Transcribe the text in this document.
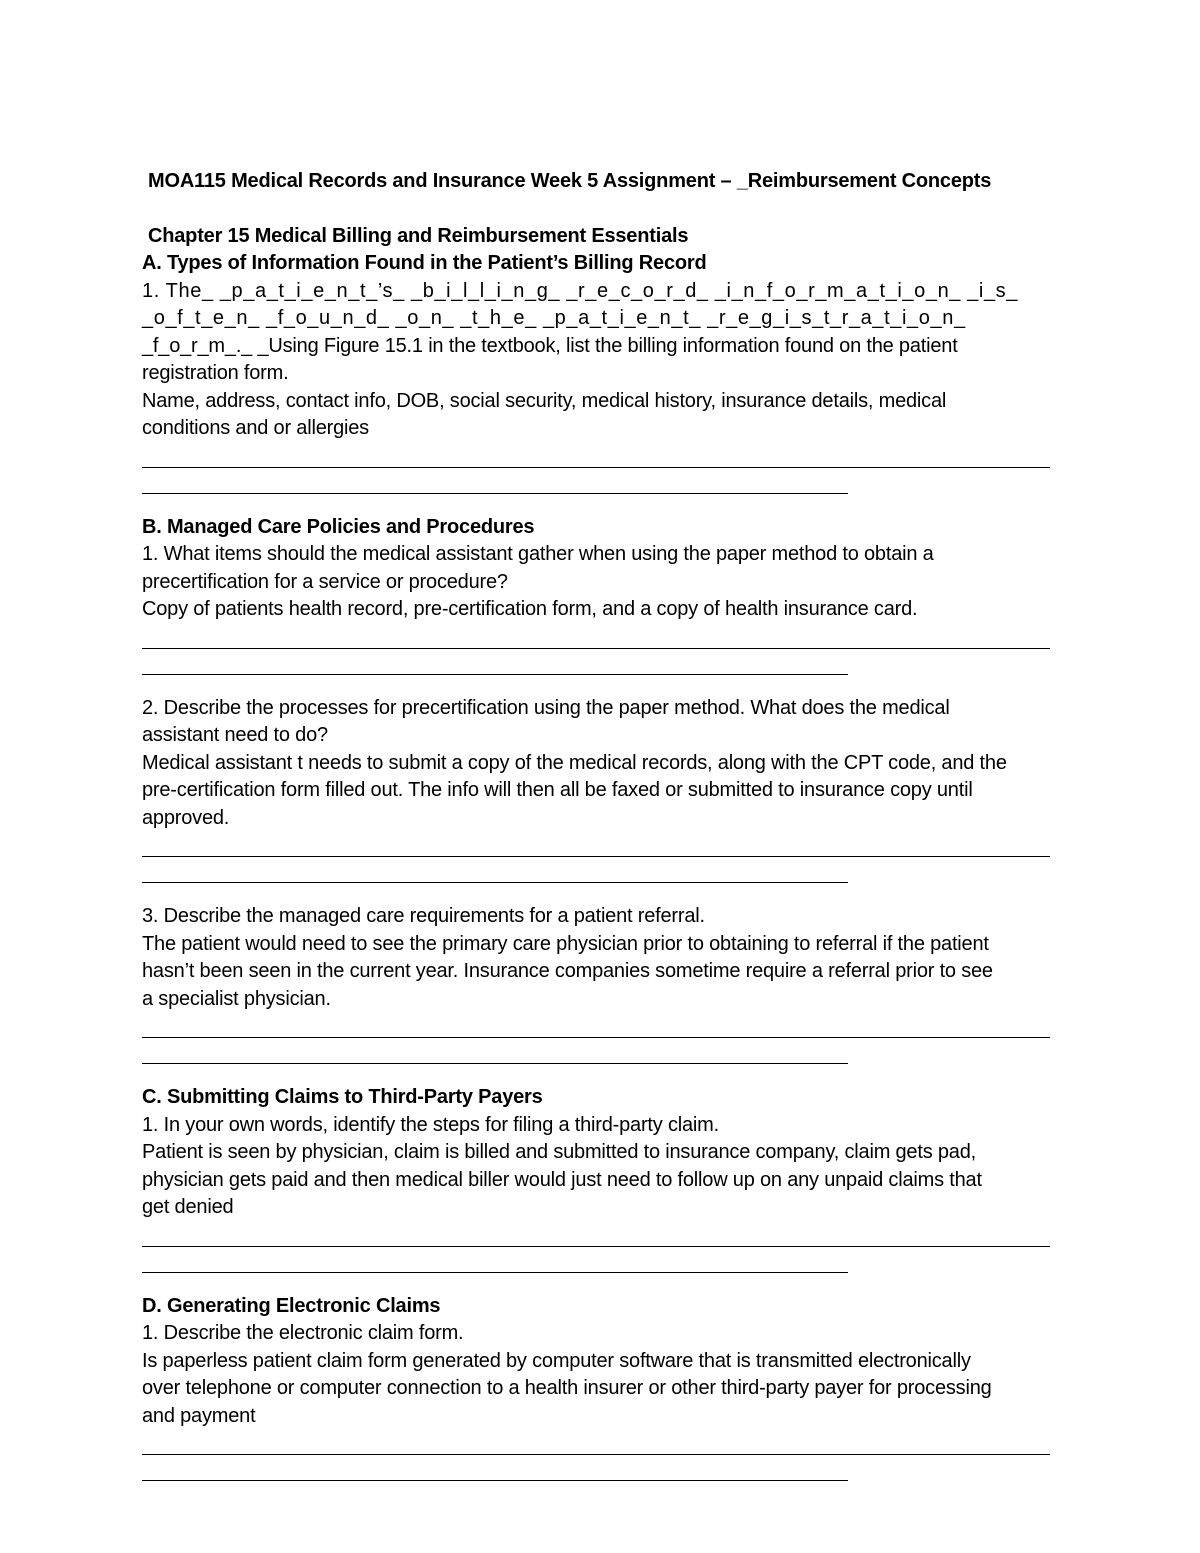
MOA115 Medical Records and Insurance Week 5 Assignment – _Reimbursement Concepts
Chapter 15 Medical Billing and Reimbursement Essentials
A. Types of Information Found in the Patient’s Billing Record
1. The_ _p_a_t_i_e_n_t_’s_ _b_i_l_l_i_n_g_ _r_e_c_o_r_d_ _i_n_f_o_r_m_a_t_i_o_n_ _i_s_
_o_f_t_e_n_ _f_o_u_n_d_ _o_n_ _t_h_e_ _p_a_t_i_e_n_t_ _r_e_g_i_s_t_r_a_t_i_o_n_
_f_o_r_m_._ _Using Figure 15.1 in the textbook, list the billing information found on the patient
registration form.
Name, address, contact info, DOB, social security, medical history, insurance details, medical
conditions and or allergies
B. Managed Care Policies and Procedures
1. What items should the medical assistant gather when using the paper method to obtain a
precertification for a service or procedure?
Copy of patients health record, pre-certification form, and a copy of health insurance card.
2. Describe the processes for precertification using the paper method. What does the medical
assistant need to do?
Medical assistant t needs to submit a copy of the medical records, along with the CPT code, and the
pre-certification form filled out. The info will then all be faxed or submitted to insurance copy until
approved.
3. Describe the managed care requirements for a patient referral.
The patient would need to see the primary care physician prior to obtaining to referral if the patient
hasn’t been seen in the current year. Insurance companies sometime require a referral prior to see
a specialist physician.
C. Submitting Claims to Third-Party Payers
1. In your own words, identify the steps for filing a third-party claim.
Patient is seen by physician, claim is billed and submitted to insurance company, claim gets pad,
physician gets paid and then medical biller would just need to follow up on any unpaid claims that
get denied
D. Generating Electronic Claims
1. Describe the electronic claim form.
Is paperless patient claim form generated by computer software that is transmitted electronically
over telephone or computer connection to a health insurer or other third-party payer for processing
and payment
